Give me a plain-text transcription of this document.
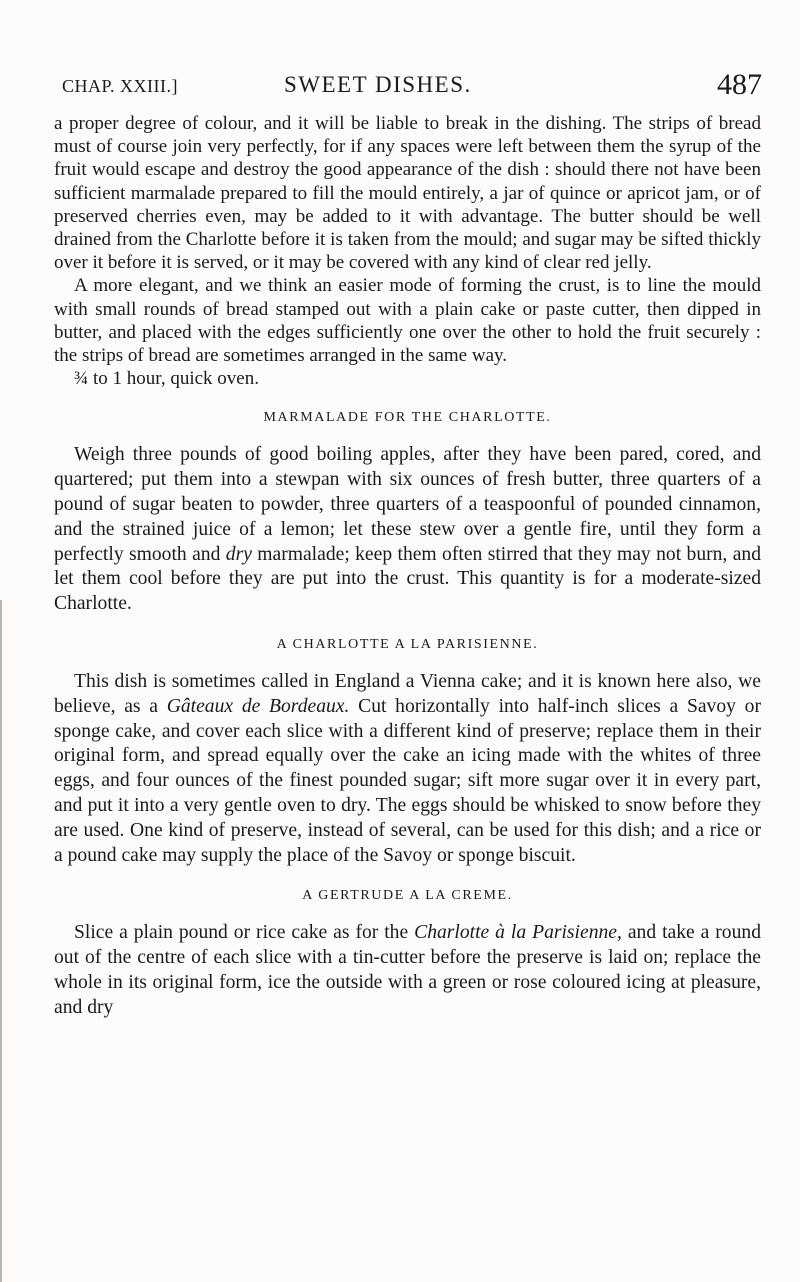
CHAP. XXIII.]	SWEET DISHES.	487

a proper degree of colour, and it will be liable to break in the dishing. The strips of bread must of course join very perfectly, for if any spaces were left between them the syrup of the fruit would escape and destroy the good appearance of the dish : should there not have been sufficient marmalade prepared to fill the mould entirely, a jar of quince or apricot jam, or of preserved cherries even, may be added to it with advantage. The butter should be well drained from the Charlotte before it is taken from the mould; and sugar may be sifted thickly over it before it is served, or it may be covered with any kind of clear red jelly.

A more elegant, and we think an easier mode of forming the crust, is to line the mould with small rounds of bread stamped out with a plain cake or paste cutter, then dipped in butter, and placed with the edges sufficiently one over the other to hold the fruit securely : the strips of bread are sometimes arranged in the same way.

¾ to 1 hour, quick oven.

MARMALADE FOR THE CHARLOTTE.

Weigh three pounds of good boiling apples, after they have been pared, cored, and quartered; put them into a stewpan with six ounces of fresh butter, three quarters of a pound of sugar beaten to powder, three quarters of a teaspoonful of pounded cinnamon, and the strained juice of a lemon; let these stew over a gentle fire, until they form a perfectly smooth and dry marmalade; keep them often stirred that they may not burn, and let them cool before they are put into the crust. This quantity is for a moderate-sized Charlotte.

A CHARLOTTE A LA PARISIENNE.

This dish is sometimes called in England a Vienna cake; and it is known here also, we believe, as a Gâteaux de Bordeaux. Cut horizontally into half-inch slices a Savoy or sponge cake, and cover each slice with a different kind of preserve; replace them in their original form, and spread equally over the cake an icing made with the whites of three eggs, and four ounces of the finest pounded sugar; sift more sugar over it in every part, and put it into a very gentle oven to dry. The eggs should be whisked to snow before they are used. One kind of preserve, instead of several, can be used for this dish; and a rice or a pound cake may supply the place of the Savoy or sponge biscuit.

A GERTRUDE A LA CREME.

Slice a plain pound or rice cake as for the Charlotte à la Parisienne, and take a round out of the centre of each slice with a tin-cutter before the preserve is laid on; replace the whole in its original form, ice the outside with a green or rose coloured icing at pleasure, and dry
